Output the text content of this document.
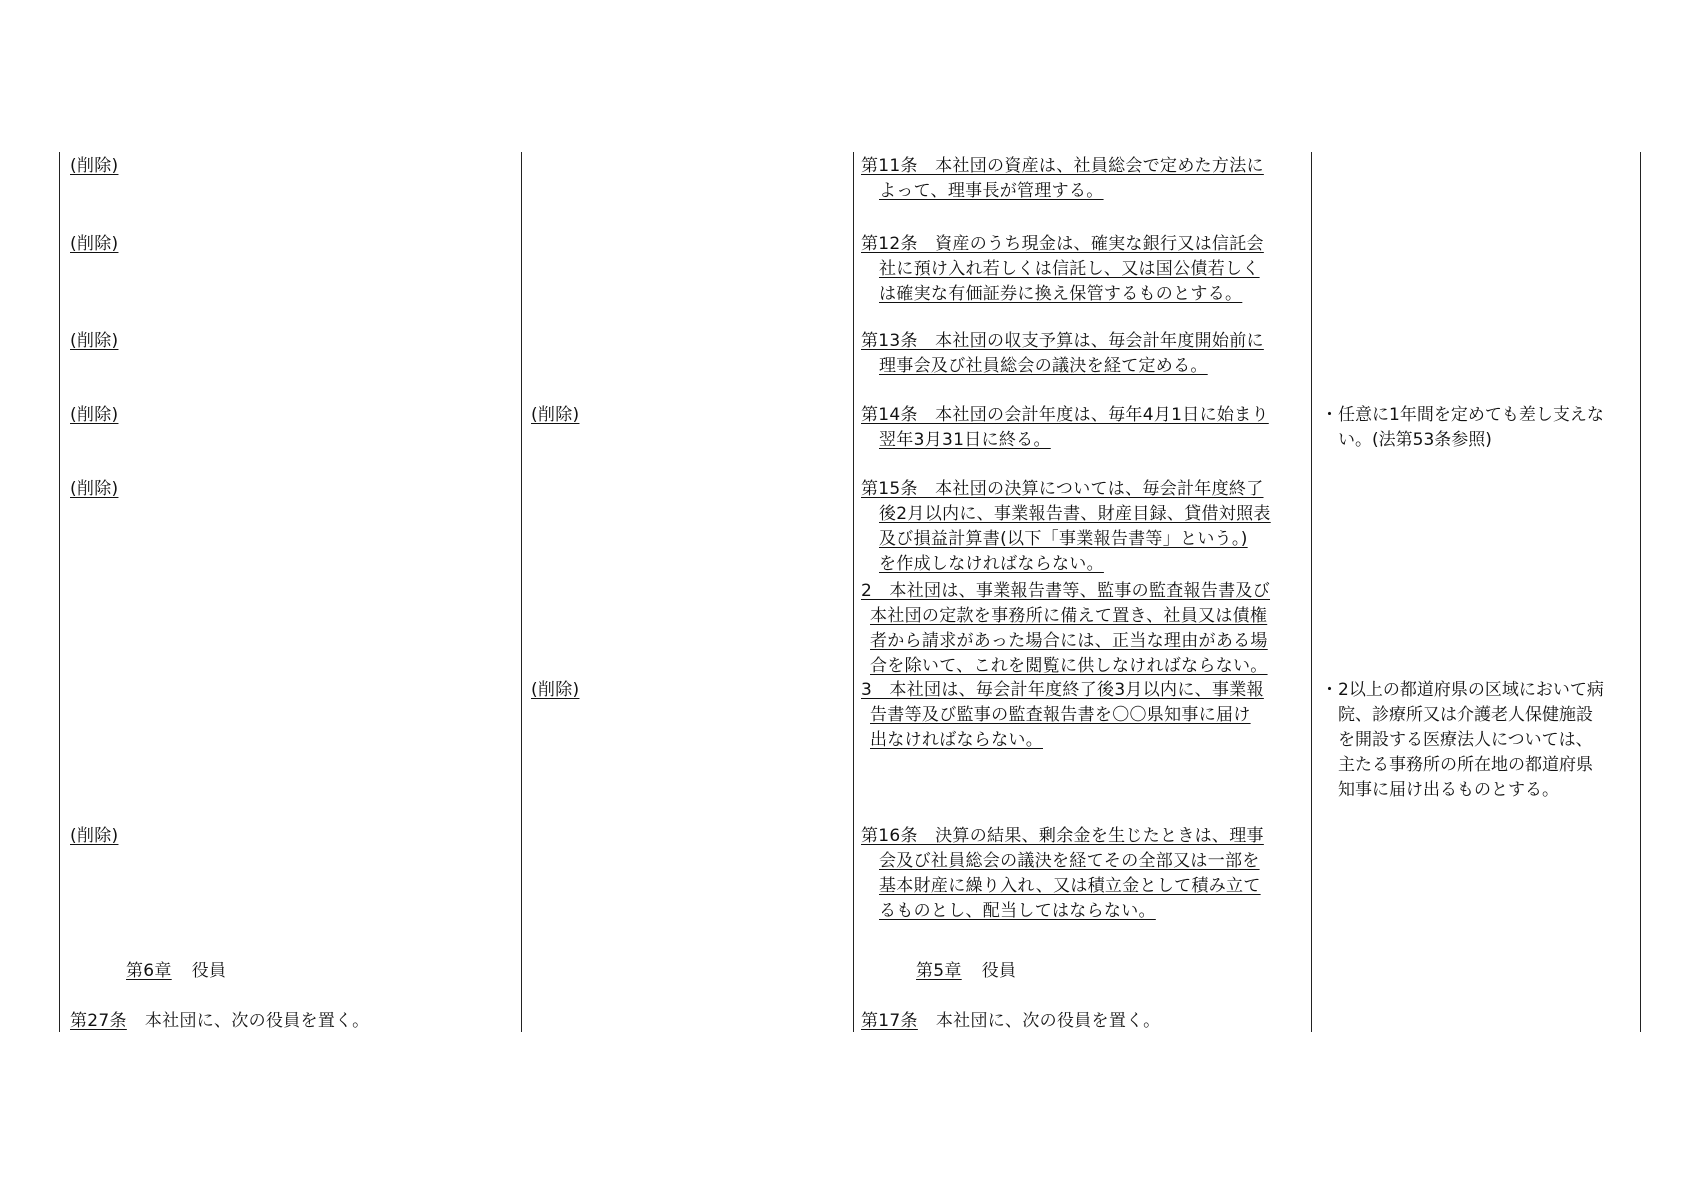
(削除)
(削除)
(削除)
(削除)
(削除)
(削除)
第6章 役員
第27条 本社団に、次の役員を置く。
(削除)
(削除)
第11条　本社団の資産は、社員総会で定めた方法に
よって、理事長が管理する。
第12条　資産のうち現金は、確実な銀行又は信託会
社に預け入れ若しくは信託し、又は国公債若しく
は確実な有価証券に換え保管するものとする。
第13条　本社団の収支予算は、毎会計年度開始前に
理事会及び社員総会の議決を経て定める。
第14条　本社団の会計年度は、毎年4月1日に始まり
翌年3月31日に終る。
第15条　本社団の決算については、毎会計年度終了
後2月以内に、事業報告書、財産目録、貸借対照表
及び損益計算書(以下「事業報告書等」という。)
を作成しなければならない。
2　本社団は、事業報告書等、監事の監査報告書及び
本社団の定款を事務所に備えて置き、社員又は債権
者から請求があった場合には、正当な理由がある場
合を除いて、これを閲覧に供しなければならない。
3　本社団は、毎会計年度終了後3月以内に、事業報
告書等及び監事の監査報告書を〇〇県知事に届け
出なければならない。
第16条　決算の結果、剰余金を生じたときは、理事
会及び社員総会の議決を経てその全部又は一部を
基本財産に繰り入れ、又は積立金として積み立て
るものとし、配当してはならない。
第5章 役員
第17条 本社団に、次の役員を置く。
・任意に1年間を定めても差し支えな
い。(法第53条参照)
・2以上の都道府県の区域において病
院、診療所又は介護老人保健施設
を開設する医療法人については、
主たる事務所の所在地の都道府県
知事に届け出るものとする。
